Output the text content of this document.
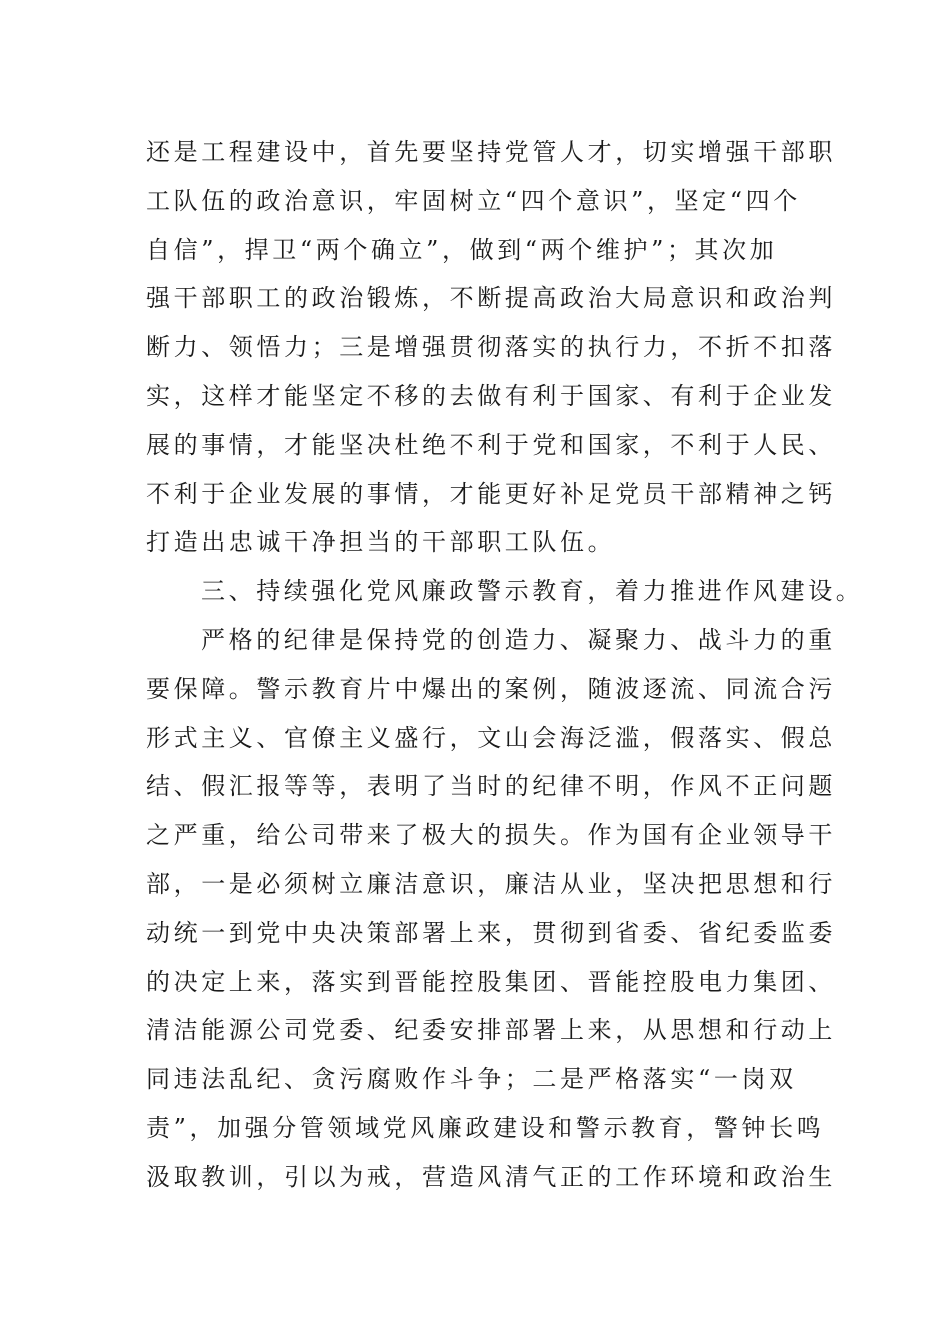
还是工程建设中，首先要坚持党管人才，切实增强干部职
工队伍的政治意识，牢固树立“四个意识”，坚定“四个
自信”，捍卫“两个确立”，做到“两个维护”；其次加
强干部职工的政治锻炼，不断提高政治大局意识和政治判
断力、领悟力；三是增强贯彻落实的执行力，不折不扣落
实，这样才能坚定不移的去做有利于国家、有利于企业发
展的事情，才能坚决杜绝不利于党和国家，不利于人民、
不利于企业发展的事情，才能更好补足党员干部精神之钙
打造出忠诚干净担当的干部职工队伍。
三、持续强化党风廉政警示教育，着力推进作风建设。
严格的纪律是保持党的创造力、凝聚力、战斗力的重
要保障。警示教育片中爆出的案例，随波逐流、同流合污
形式主义、官僚主义盛行，文山会海泛滥，假落实、假总
结、假汇报等等，表明了当时的纪律不明，作风不正问题
之严重，给公司带来了极大的损失。作为国有企业领导干
部，一是必须树立廉洁意识，廉洁从业，坚决把思想和行
动统一到党中央决策部署上来，贯彻到省委、省纪委监委
的决定上来，落实到晋能控股集团、晋能控股电力集团、
清洁能源公司党委、纪委安排部署上来，从思想和行动上
同违法乱纪、贪污腐败作斗争；二是严格落实“一岗双
责”，加强分管领域党风廉政建设和警示教育，警钟长鸣
汲取教训，引以为戒，营造风清气正的工作环境和政治生
